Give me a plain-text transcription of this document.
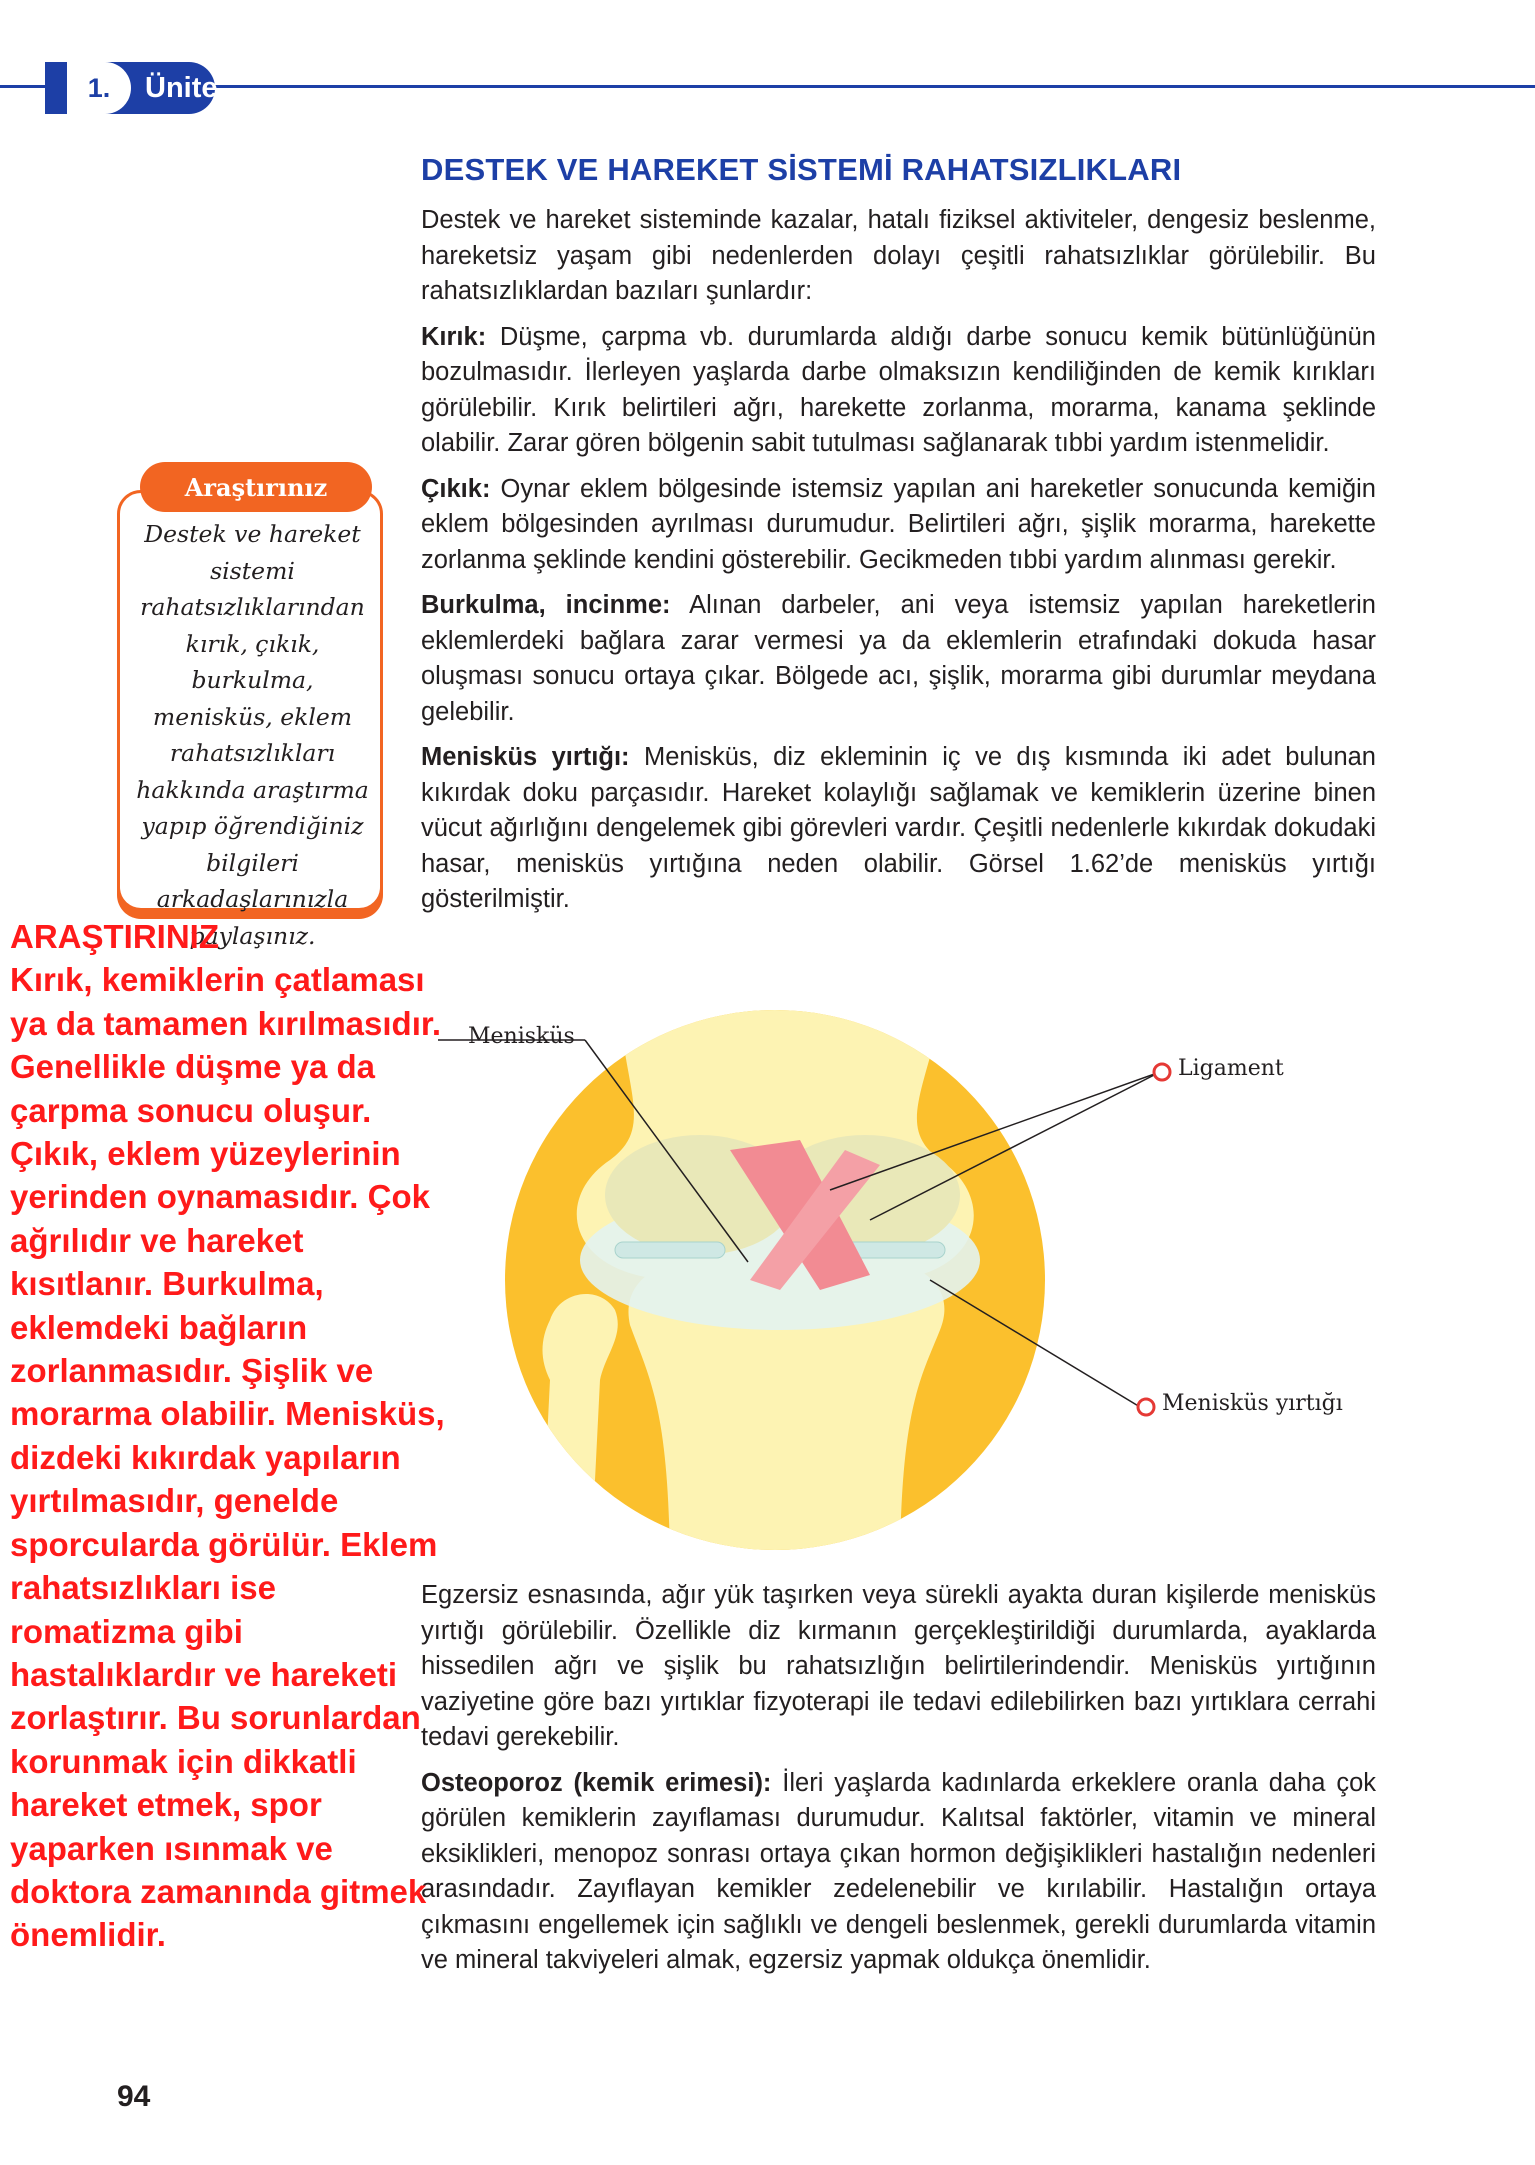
1.	Ünite
DESTEK VE HAREKET SİSTEMİ RAHATSIZLIKLARI

Destek ve hareket sisteminde kazalar, hatalı fiziksel aktiviteler, dengesiz beslenme, hareketsiz yaşam gibi nedenlerden dolayı çeşitli rahatsızlıklar görülebilir. Bu rahatsızlıklardan bazıları şunlardır:

Kırık: Düşme, çarpma vb. durumlarda aldığı darbe sonucu kemik bütünlüğünün bozulmasıdır. İlerleyen yaşlarda darbe olmaksızın kendiliğinden de kemik kırıkları görülebilir. Kırık belirtileri ağrı, harekette zorlanma, morarma, kanama şeklinde olabilir. Zarar gören bölgenin sabit tutulması sağlanarak tıbbi yardım istenmelidir.

Çıkık: Oynar eklem bölgesinde istemsiz yapılan ani hareketler sonucunda kemiğin eklem bölgesinden ayrılması durumudur. Belirtileri ağrı, şişlik morarma, harekette zorlanma şeklinde kendini gösterebilir. Gecikmeden tıbbi yardım alınması gerekir.

Burkulma, incinme: Alınan darbeler, ani veya istemsiz yapılan hareketlerin eklemlerdeki bağlara zarar vermesi ya da eklemlerin etrafındaki dokuda hasar oluşması sonucu ortaya çıkar. Bölgede acı, şişlik, morarma gibi durumlar meydana gelebilir.

Menisküs yırtığı: Menisküs, diz ekleminin iç ve dış kısmında iki adet bulunan kıkırdak doku parçasıdır. Hareket kolaylığı sağlamak ve kemiklerin üzerine binen vücut ağırlığını dengelemek gibi görevleri vardır. Çeşitli nedenlerle kıkırdak dokudaki hasar, menisküs yırtığına neden olabilir. Görsel 1.62’de menisküs yırtığı gösterilmiştir.

Menisküs
Ligament
Menisküs yırtığı

Egzersiz esnasında, ağır yük taşırken veya sürekli ayakta duran kişilerde menisküs yırtığı görülebilir. Özellikle diz kırmanın gerçekleştirildiği durumlarda, ayaklarda hissedilen ağrı ve şişlik bu rahatsızlığın belirtilerindendir. Menisküs yırtığının vaziyetine göre bazı yırtıklar fizyoterapi ile tedavi edilebilirken bazı yırtıklara cerrahi tedavi gerekebilir.

Osteoporoz (kemik erimesi): İleri yaşlarda kadınlarda erkeklere oranla daha çok görülen kemiklerin zayıflaması durumudur. Kalıtsal faktörler, vitamin ve mineral eksiklikleri, menopoz sonrası ortaya çıkan hormon değişiklikleri hastalığın nedenleri arasındadır. Zayıflayan kemikler zedelenebilir ve kırılabilir. Hastalığın ortaya çıkmasını engellemek için sağlıklı ve dengeli beslenmek, gerekli durumlarda vitamin ve mineral takviyeleri almak, egzersiz yapmak oldukça önemlidir.

Araştırınız
Destek ve hareket sistemi rahatsızlıklarından kırık, çıkık, burkulma, menisküs, eklem rahatsızlıkları hakkında araştırma yapıp öğrendiğiniz bilgileri arkadaşlarınızla paylaşınız.
ARAŞTIRINIZ
Kırık, kemiklerin çatlaması ya da tamamen kırılmasıdır. Genellikle düşme ya da çarpma sonucu oluşur. Çıkık, eklem yüzeylerinin yerinden oynamasıdır. Çok ağrılıdır ve hareket kısıtlanır. Burkulma, eklemdeki bağların zorlanmasıdır. Şişlik ve morarma olabilir. Menisküs, dizdeki kıkırdak yapıların yırtılmasıdır, genelde sporcularda görülür. Eklem rahatsızlıkları ise romatizma gibi hastalıklardır ve hareketi zorlaştırır. Bu sorunlardan korunmak için dikkatli hareket etmek, spor yaparken ısınmak ve doktora zamanında gitmek önemlidir.
94
